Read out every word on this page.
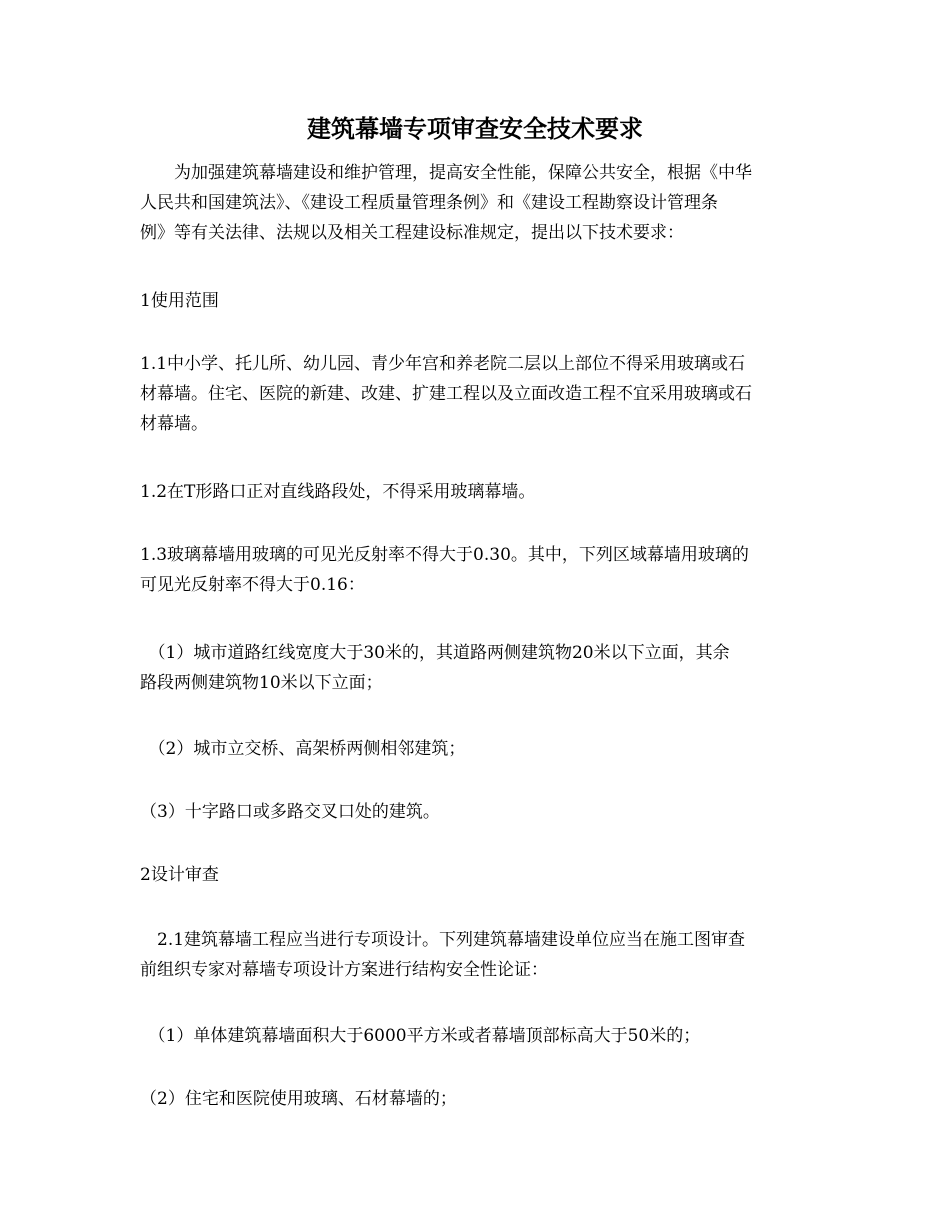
建筑幕墙专项审查安全技术要求
　　为加强建筑幕墙建设和维护管理，提高安全性能，保障公共安全，根据《中华
人民共和国建筑法》、《建设工程质量管理条例》和《建设工程勘察设计管理条
例》等有关法律、法规以及相关工程建设标准规定，提出以下技术要求：
1使用范围
1.1中小学、托儿所、幼儿园、青少年宫和养老院二层以上部位不得采用玻璃或石
材幕墙。住宅、医院的新建、改建、扩建工程以及立面改造工程不宜采用玻璃或石
材幕墙。
1.2在T形路口正对直线路段处，不得采用玻璃幕墙。
1.3玻璃幕墙用玻璃的可见光反射率不得大于0.30。其中，下列区域幕墙用玻璃的
可见光反射率不得大于0.16：
　（1）城市道路红线宽度大于30米的，其道路两侧建筑物20米以下立面，其余
路段两侧建筑物10米以下立面；
　（2）城市立交桥、高架桥两侧相邻建筑；
（3）十字路口或多路交叉口处的建筑。
2设计审查
　2.1建筑幕墙工程应当进行专项设计。下列建筑幕墙建设单位应当在施工图审查
前组织专家对幕墙专项设计方案进行结构安全性论证：
　（1）单体建筑幕墙面积大于6000平方米或者幕墙顶部标高大于50米的；
（2）住宅和医院使用玻璃、石材幕墙的；
